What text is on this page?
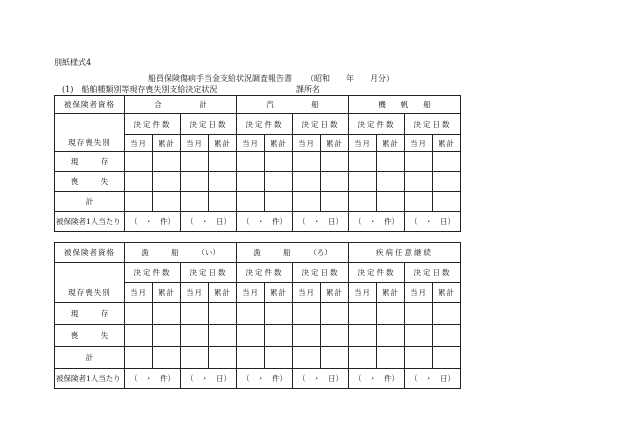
別紙様式4
船員保険傷病手当金支給状況調査報告書 （昭和　　年　　月分）
(1)　船舶種類別等現存喪失別支給決定状況	課所名
被保険者資格	合　　　　　計				汽　　　　　船				機　　帆　　船			
	決定件数		決定日数		決定件数		決定日数		決定件数		決定日数	
現存喪失別	当月	累計	当月	累計	当月	累計	当月	累計	当月	累計	当月	累計
現　　　存												
喪　　　失												
計												
被保険者1人当たり	（　・　件）		（　・　日）		（　・　件）		（　・　日）		（　・　件）		（　・　日）	
被保険者資格	漁　　　船　　　（い）				漁　　　船　　　（ろ）				疾病任意継続			
	決定件数		決定日数		決定件数		決定日数		決定件数		決定日数	
現存喪失別	当月	累計	当月	累計	当月	累計	当月	累計	当月	累計	当月	累計
現　　　存												
喪　　　失												
計												
被保険者1人当たり	（　・　件）		（　・　日）		（　・　件）		（　・　日）		（　・　件）		（　・　日）	
